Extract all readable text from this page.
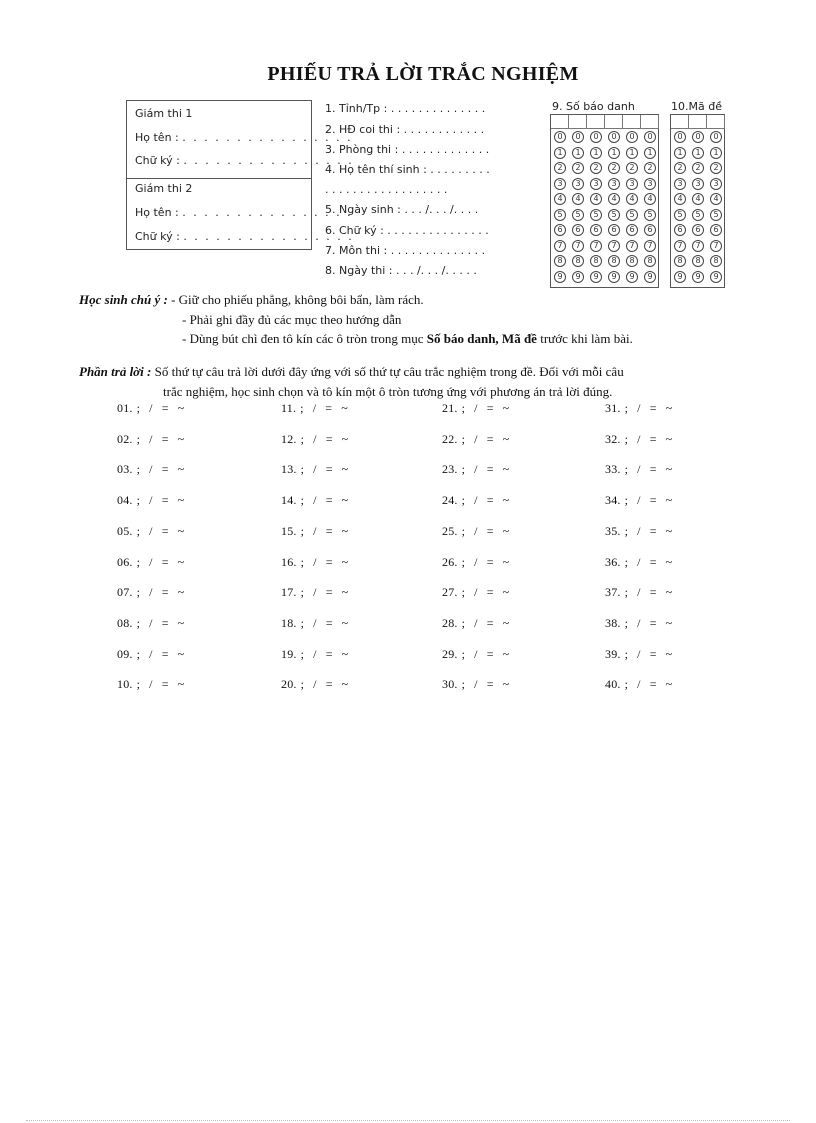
PHIẾU TRẢ LỜI TRẮC NGHIỆM
Giám thi 1
Họ tên : . . . . . . . . . . . . . . . .
Chữ ký : . . . . . . . . . . . . . . . .
Giám thi 2
Họ tên : . . . . . . . . . . . . . . . .
Chữ ký : . . . . . . . . . . . . . . . .
1. Tỉnh/Tp : . . . . . . . . . . . . . .
2. HĐ coi thi : . . . . . . . . . . . .
3. Phòng thi : . . . . . . . . . . . . .
4. Họ tên thí sinh : . . . . . . . . .
. . . . . . . . . . . . . . . . . .
5. Ngày sinh : . . . /. . . /. . . .
6. Chữ ký : . . . . . . . . . . . . . . .
7. Môn thi : . . . . . . . . . . . . . .
8. Ngày thi : . . . /. . . /. . . . .
9. Số báo danh	10.Mã đề
0
1
2
3
4
5
6
7
8
9
0
1
2
3
4
5
6
7
8
9
0
1
2
3
4
5
6
7
8
9
0
1
2
3
4
5
6
7
8
9
0
1
2
3
4
5
6
7
8
9
0
1
2
3
4
5
6
7
8
9
0
1
2
3
4
5
6
7
8
9
0
1
2
3
4
5
6
7
8
9
0
1
2
3
4
5
6
7
8
9
Học sinh chú ý : - Giữ cho phiếu phẳng, không bôi bẩn, làm rách.
- Phải ghi đầy đủ các mục theo hướng dẫn
- Dùng bút chì đen tô kín các ô tròn trong mục Số báo danh, Mã đề trước khi làm bài.
Phần trả lời : Số thứ tự câu trả lời dưới đây ứng với số thứ tự câu trắc nghiệm trong đề. Đối với mỗi câu
trắc nghiệm, học sinh chọn và tô kín một ô tròn tương ứng với phương án trả lời đúng.
01. ; / = ~
02. ; / = ~
03. ; / = ~
04. ; / = ~
05. ; / = ~
06. ; / = ~
07. ; / = ~
08. ; / = ~
09. ; / = ~
10. ; / = ~
11. ; / = ~
12. ; / = ~
13. ; / = ~
14. ; / = ~
15. ; / = ~
16. ; / = ~
17. ; / = ~
18. ; / = ~
19. ; / = ~
20. ; / = ~
21. ; / = ~
22. ; / = ~
23. ; / = ~
24. ; / = ~
25. ; / = ~
26. ; / = ~
27. ; / = ~
28. ; / = ~
29. ; / = ~
30. ; / = ~
31. ; / = ~
32. ; / = ~
33. ; / = ~
34. ; / = ~
35. ; / = ~
36. ; / = ~
37. ; / = ~
38. ; / = ~
39. ; / = ~
40. ; / = ~
